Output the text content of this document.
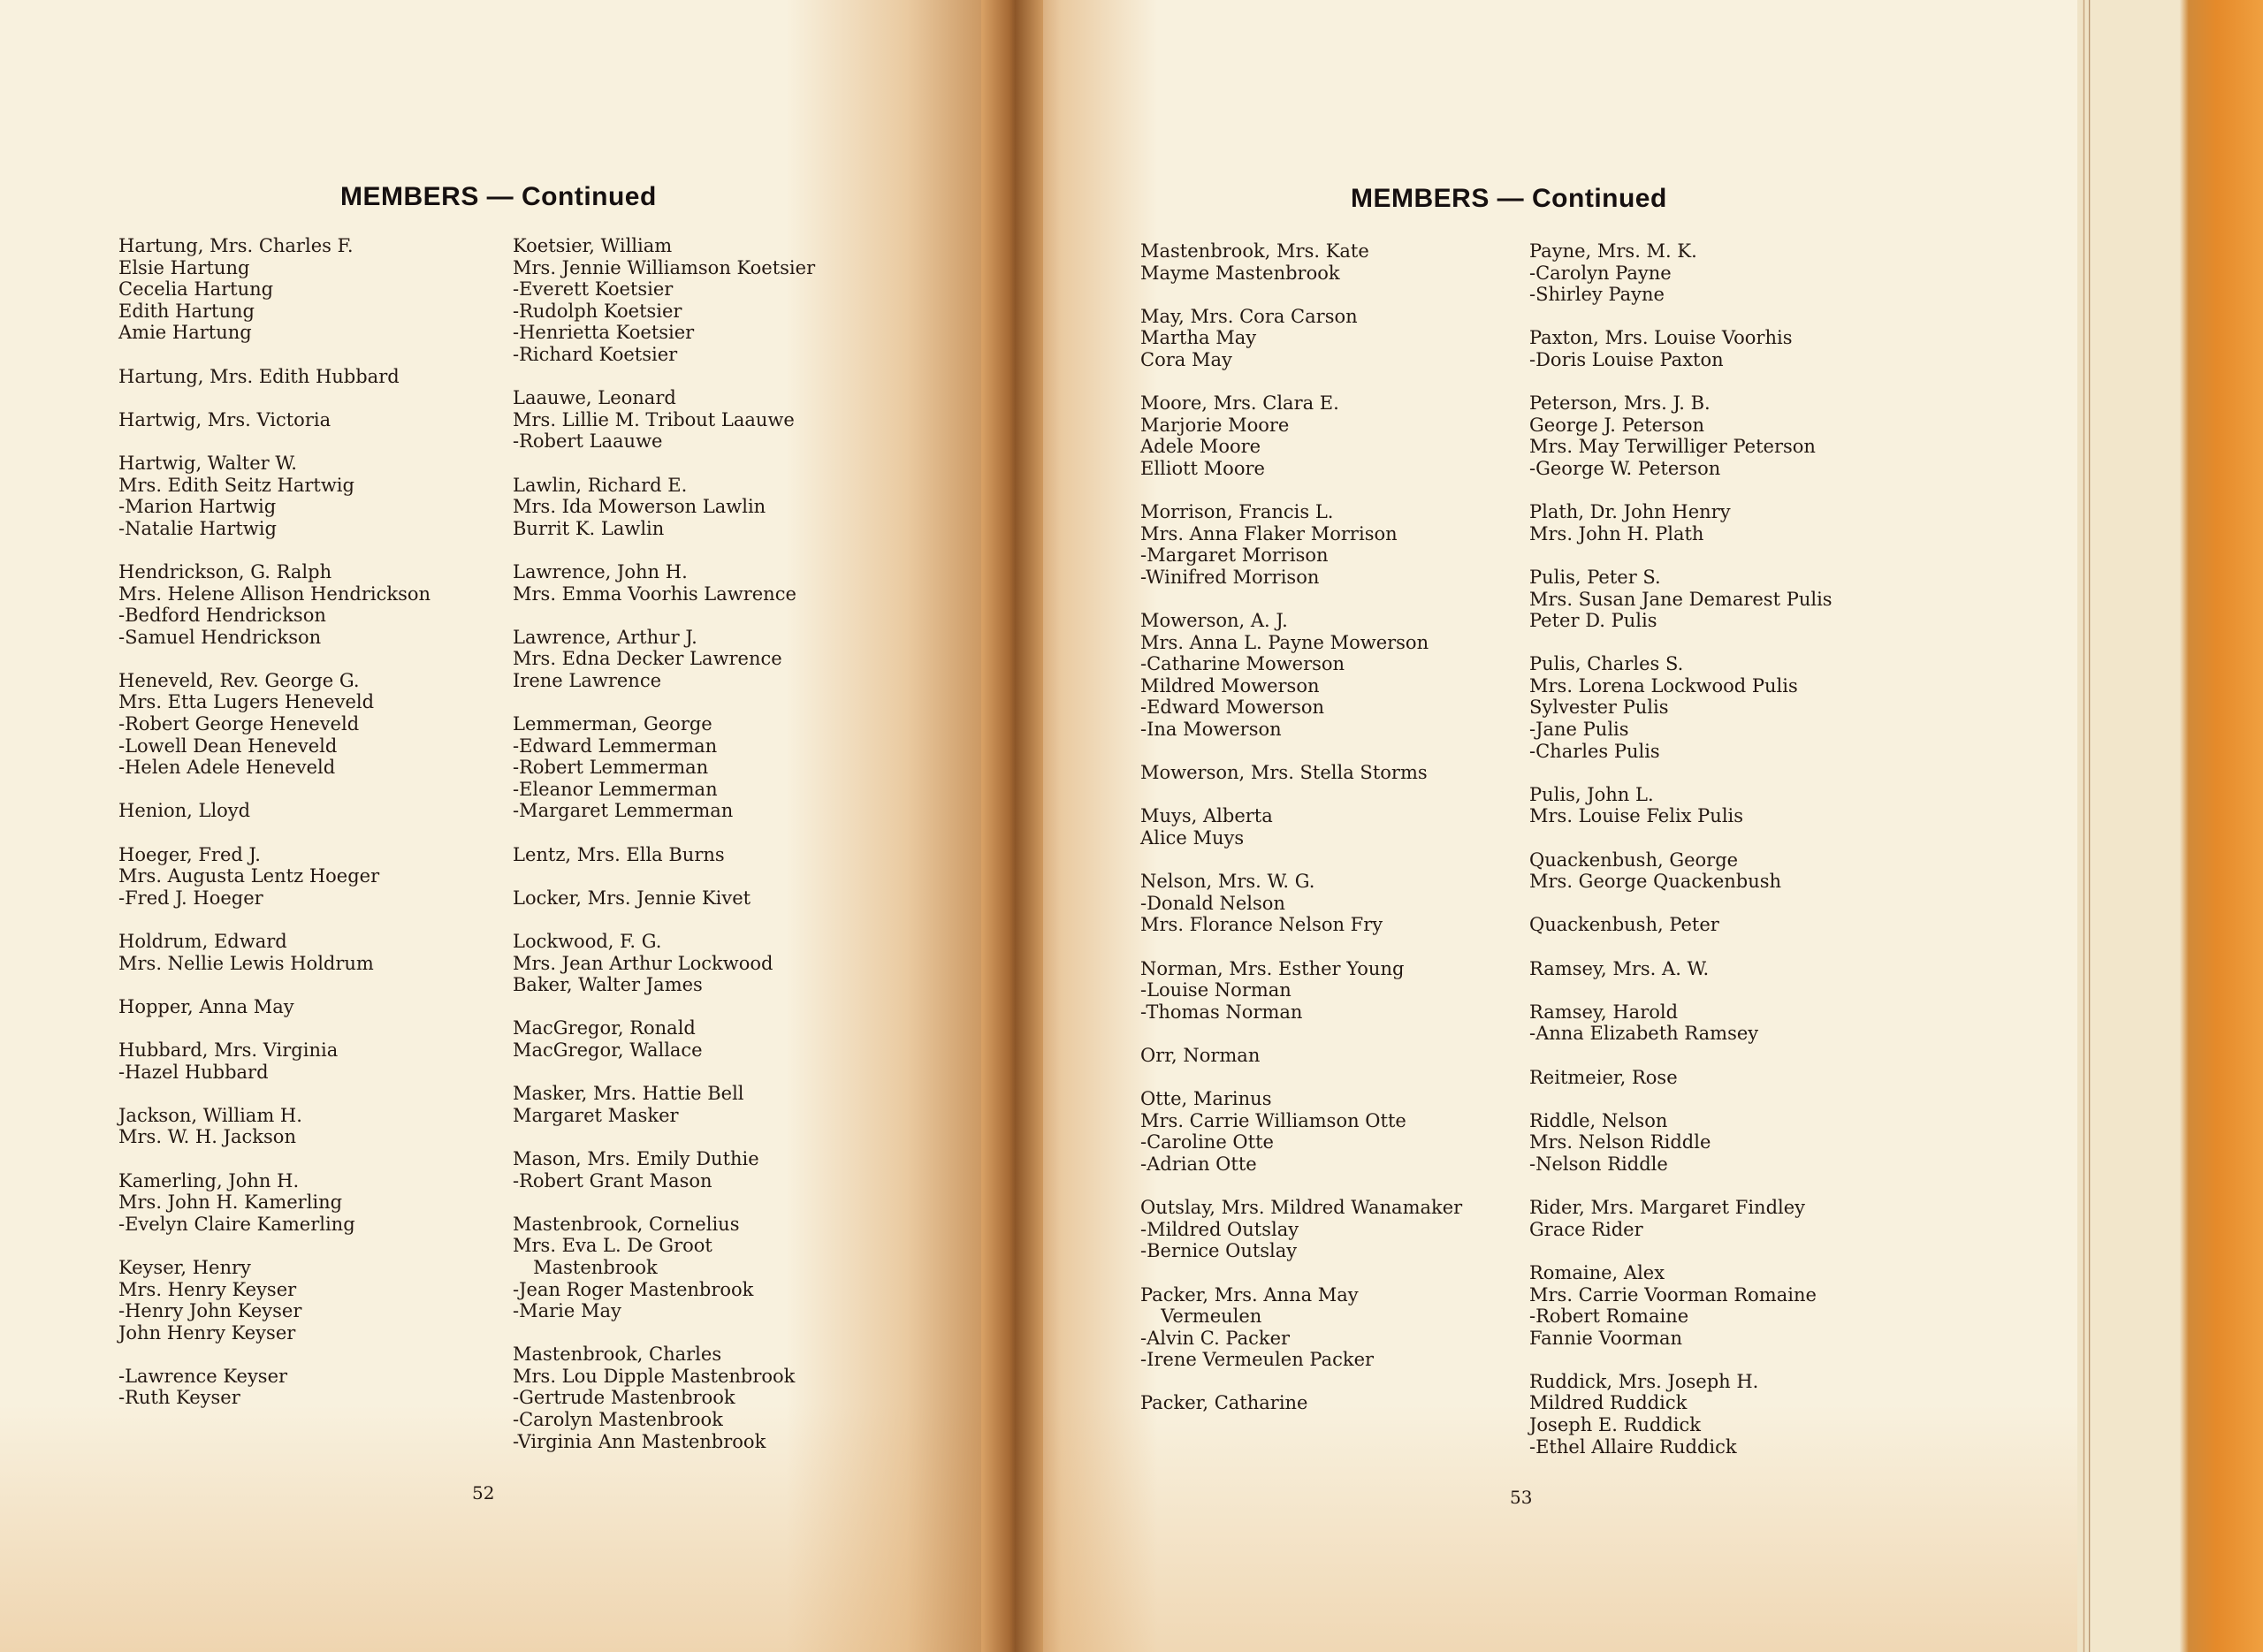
MEMBERS — Continued	MEMBERS — Continued
Hartung, Mrs. Charles F.
Elsie Hartung
Cecelia Hartung
Edith Hartung
Amie Hartung
Hartung, Mrs. Edith Hubbard
Hartwig, Mrs. Victoria
Hartwig, Walter W.
Mrs. Edith Seitz Hartwig
-Marion Hartwig
-Natalie Hartwig
Hendrickson, G. Ralph
Mrs. Helene Allison Hendrickson
-Bedford Hendrickson
-Samuel Hendrickson
Heneveld, Rev. George G.
Mrs. Etta Lugers Heneveld
-Robert George Heneveld
-Lowell Dean Heneveld
-Helen Adele Heneveld
Henion, Lloyd
Hoeger, Fred J.
Mrs. Augusta Lentz Hoeger
-Fred J. Hoeger
Holdrum, Edward
Mrs. Nellie Lewis Holdrum
Hopper, Anna May
Hubbard, Mrs. Virginia
-Hazel Hubbard
Jackson, William H.
Mrs. W. H. Jackson
Kamerling, John H.
Mrs. John H. Kamerling
-Evelyn Claire Kamerling
Keyser, Henry
Mrs. Henry Keyser
-Henry John Keyser
John Henry Keyser
-Lawrence Keyser
-Ruth Keyser
Koetsier, William
Mrs. Jennie Williamson Koetsier
-Everett Koetsier
-Rudolph Koetsier
-Henrietta Koetsier
-Richard Koetsier
Laauwe, Leonard
Mrs. Lillie M. Tribout Laauwe
-Robert Laauwe
Lawlin, Richard E.
Mrs. Ida Mowerson Lawlin
Burrit K. Lawlin
Lawrence, John H.
Mrs. Emma Voorhis Lawrence
Lawrence, Arthur J.
Mrs. Edna Decker Lawrence
Irene Lawrence
Lemmerman, George
-Edward Lemmerman
-Robert Lemmerman
-Eleanor Lemmerman
-Margaret Lemmerman
Lentz, Mrs. Ella Burns
Locker, Mrs. Jennie Kivet
Lockwood, F. G.
Mrs. Jean Arthur Lockwood
Baker, Walter James
MacGregor, Ronald
MacGregor, Wallace
Masker, Mrs. Hattie Bell
Margaret Masker
Mason, Mrs. Emily Duthie
-Robert Grant Mason
Mastenbrook, Cornelius
Mrs. Eva L. De Groot
Mastenbrook
-Jean Roger Mastenbrook
-Marie May
Mastenbrook, Charles
Mrs. Lou Dipple Mastenbrook
-Gertrude Mastenbrook
-Carolyn Mastenbrook
-Virginia Ann Mastenbrook
Mastenbrook, Mrs. Kate
Mayme Mastenbrook
May, Mrs. Cora Carson
Martha May
Cora May
Moore, Mrs. Clara E.
Marjorie Moore
Adele Moore
Elliott Moore
Morrison, Francis L.
Mrs. Anna Flaker Morrison
-Margaret Morrison
-Winifred Morrison
Mowerson, A. J.
Mrs. Anna L. Payne Mowerson
-Catharine Mowerson
Mildred Mowerson
-Edward Mowerson
-Ina Mowerson
Mowerson, Mrs. Stella Storms
Muys, Alberta
Alice Muys
Nelson, Mrs. W. G.
-Donald Nelson
Mrs. Florance Nelson Fry
Norman, Mrs. Esther Young
-Louise Norman
-Thomas Norman
Orr, Norman
Otte, Marinus
Mrs. Carrie Williamson Otte
-Caroline Otte
-Adrian Otte
Outslay, Mrs. Mildred Wanamaker
-Mildred Outslay
-Bernice Outslay
Packer, Mrs. Anna May
Vermeulen
-Alvin C. Packer
-Irene Vermeulen Packer
Packer, Catharine
Payne, Mrs. M. K.
-Carolyn Payne
-Shirley Payne
Paxton, Mrs. Louise Voorhis
-Doris Louise Paxton
Peterson, Mrs. J. B.
George J. Peterson
Mrs. May Terwilliger Peterson
-George W. Peterson
Plath, Dr. John Henry
Mrs. John H. Plath
Pulis, Peter S.
Mrs. Susan Jane Demarest Pulis
Peter D. Pulis
Pulis, Charles S.
Mrs. Lorena Lockwood Pulis
Sylvester Pulis
-Jane Pulis
-Charles Pulis
Pulis, John L.
Mrs. Louise Felix Pulis
Quackenbush, George
Mrs. George Quackenbush
Quackenbush, Peter
Ramsey, Mrs. A. W.
Ramsey, Harold
-Anna Elizabeth Ramsey
Reitmeier, Rose
Riddle, Nelson
Mrs. Nelson Riddle
-Nelson Riddle
Rider, Mrs. Margaret Findley
Grace Rider
Romaine, Alex
Mrs. Carrie Voorman Romaine
-Robert Romaine
Fannie Voorman
Ruddick, Mrs. Joseph H.
Mildred Ruddick
Joseph E. Ruddick
-Ethel Allaire Ruddick
52	53
